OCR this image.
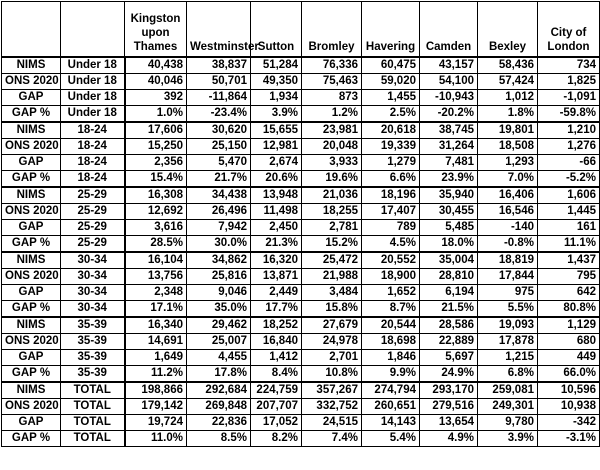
		Kingston upon Thames	Westminster	Sutton	Bromley	Havering	Camden	Bexley	City of London
NIMS	Under 18	40,438	38,837	51,284	76,336	60,475	43,157	58,436	734
ONS 2020	Under 18	40,046	50,701	49,350	75,463	59,020	54,100	57,424	1,825
GAP	Under 18	392	-11,864	1,934	873	1,455	-10,943	1,012	-1,091
GAP %	Under 18	1.0%	-23.4%	3.9%	1.2%	2.5%	-20.2%	1.8%	-59.8%
NIMS	18-24	17,606	30,620	15,655	23,981	20,618	38,745	19,801	1,210
ONS 2020	18-24	15,250	25,150	12,981	20,048	19,339	31,264	18,508	1,276
GAP	18-24	2,356	5,470	2,674	3,933	1,279	7,481	1,293	-66
GAP %	18-24	15.4%	21.7%	20.6%	19.6%	6.6%	23.9%	7.0%	-5.2%
NIMS	25-29	16,308	34,438	13,948	21,036	18,196	35,940	16,406	1,606
ONS 2020	25-29	12,692	26,496	11,498	18,255	17,407	30,455	16,546	1,445
GAP	25-29	3,616	7,942	2,450	2,781	789	5,485	-140	161
GAP %	25-29	28.5%	30.0%	21.3%	15.2%	4.5%	18.0%	-0.8%	11.1%
NIMS	30-34	16,104	34,862	16,320	25,472	20,552	35,004	18,819	1,437
ONS 2020	30-34	13,756	25,816	13,871	21,988	18,900	28,810	17,844	795
GAP	30-34	2,348	9,046	2,449	3,484	1,652	6,194	975	642
GAP %	30-34	17.1%	35.0%	17.7%	15.8%	8.7%	21.5%	5.5%	80.8%
NIMS	35-39	16,340	29,462	18,252	27,679	20,544	28,586	19,093	1,129
ONS 2020	35-39	14,691	25,007	16,840	24,978	18,698	22,889	17,878	680
GAP	35-39	1,649	4,455	1,412	2,701	1,846	5,697	1,215	449
GAP %	35-39	11.2%	17.8%	8.4%	10.8%	9.9%	24.9%	6.8%	66.0%
NIMS	TOTAL	198,866	292,684	224,759	357,267	274,794	293,170	259,081	10,596
ONS 2020	TOTAL	179,142	269,848	207,707	332,752	260,651	279,516	249,301	10,938
GAP	TOTAL	19,724	22,836	17,052	24,515	14,143	13,654	9,780	-342
GAP %	TOTAL	11.0%	8.5%	8.2%	7.4%	5.4%	4.9%	3.9%	-3.1%
